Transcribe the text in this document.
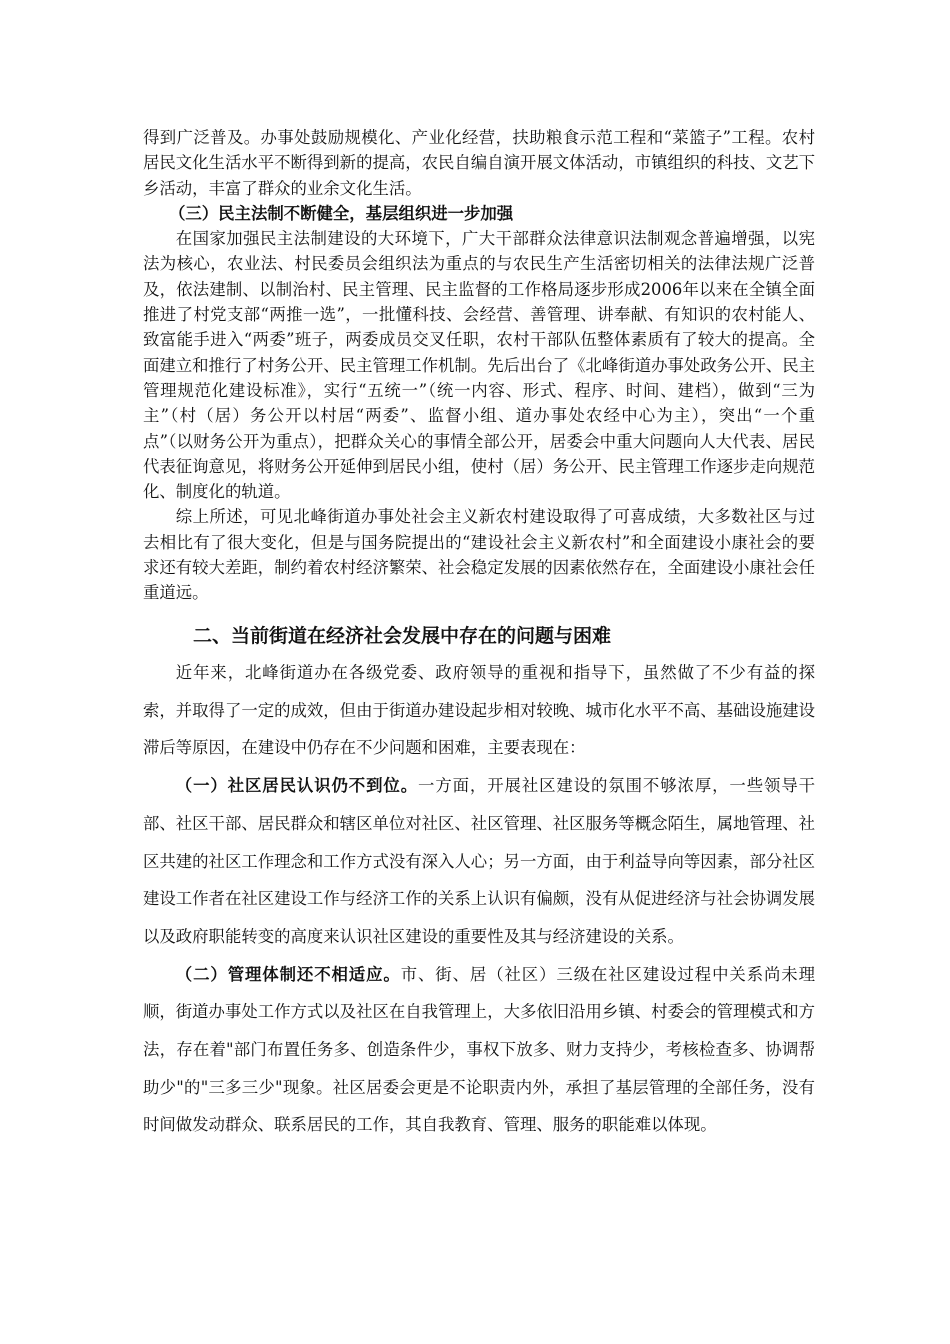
得到广泛普及。办事处鼓励规模化、产业化经营，扶助粮食示范工程和“菜篮子”工程。农村居民文化生活水平不断得到新的提高，农民自编自演开展文体活动，市镇组织的科技、文艺下乡活动，丰富了群众的业余文化生活。

（三）民主法制不断健全，基层组织进一步加强

在国家加强民主法制建设的大环境下，广大干部群众法律意识法制观念普遍增强，以宪法为核心，农业法、村民委员会组织法为重点的与农民生产生活密切相关的法律法规广泛普及，依法建制、以制治村、民主管理、民主监督的工作格局逐步形成2006年以来在全镇全面推进了村党支部“两推一选”，一批懂科技、会经营、善管理、讲奉献、有知识的农村能人、致富能手进入“两委”班子，两委成员交叉任职，农村干部队伍整体素质有了较大的提高。全面建立和推行了村务公开、民主管理工作机制。先后出台了《北峰街道办事处政务公开、民主管理规范化建设标准》，实行“五统一”（统一内容、形式、程序、时间、建档），做到“三为主”（村（居）务公开以村居“两委”、监督小组、道办事处农经中心为主），突出“一个重点”（以财务公开为重点），把群众关心的事情全部公开，居委会中重大问题向人大代表、居民代表征询意见，将财务公开延伸到居民小组，使村（居）务公开、民主管理工作逐步走向规范化、制度化的轨道。

综上所述，可见北峰街道办事处社会主义新农村建设取得了可喜成绩，大多数社区与过去相比有了很大变化，但是与国务院提出的“建设社会主义新农村”和全面建设小康社会的要求还有较大差距，制约着农村经济繁荣、社会稳定发展的因素依然存在，全面建设小康社会任重道远。

二、当前街道在经济社会发展中存在的问题与困难

近年来，北峰街道办在各级党委、政府领导的重视和指导下，虽然做了不少有益的探索，并取得了一定的成效，但由于街道办建设起步相对较晚、城市化水平不高、基础设施建设滞后等原因，在建设中仍存在不少问题和困难，主要表现在：

（一）社区居民认识仍不到位。一方面，开展社区建设的氛围不够浓厚，一些领导干部、社区干部、居民群众和辖区单位对社区、社区管理、社区服务等概念陌生，属地管理、社区共建的社区工作理念和工作方式没有深入人心；另一方面，由于利益导向等因素，部分社区建设工作者在社区建设工作与经济工作的关系上认识有偏颇，没有从促进经济与社会协调发展以及政府职能转变的高度来认识社区建设的重要性及其与经济建设的关系。

（二）管理体制还不相适应。市、街、居（社区）三级在社区建设过程中关系尚未理顺，街道办事处工作方式以及社区在自我管理上，大多依旧沿用乡镇、村委会的管理模式和方法，存在着"部门布置任务多、创造条件少，事权下放多、财力支持少，考核检查多、协调帮助少"的"三多三少"现象。社区居委会更是不论职责内外，承担了基层管理的全部任务，没有时间做发动群众、联系居民的工作，其自我教育、管理、服务的职能难以体现。
